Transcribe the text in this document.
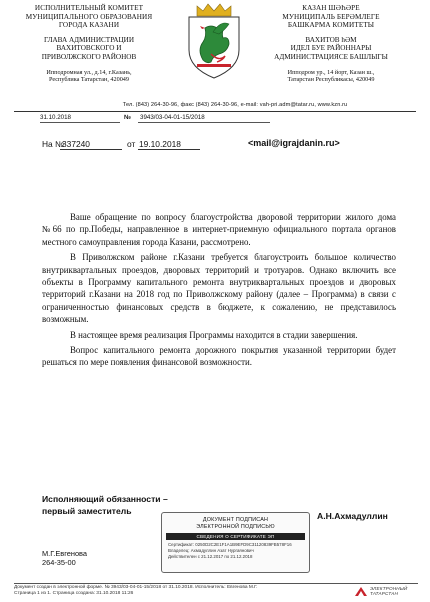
ИСПОЛНИТЕЛЬНЫЙ КОМИТЕТ
МУНИЦИПАЛЬНОГО ОБРАЗОВАНИЯ
ГОРОДА КАЗАНИ
ГЛАВА АДМИНИСТРАЦИИ
ВАХИТОВСКОГО И
ПРИВОЛЖСКОГО РАЙОНОВ
Ипподромная ул., д.14, г.Казань,
Республика Татарстан, 420049
КАЗАН ШӘҺӘРЕ
МУНИЦИПАЛЬ БЕРӘМЛЕГЕ
БАШКАРМА КОМИТЕТЫ
ВАХИТОВ hӘМ
ИДЕЛ БУЕ РАЙОННАРЫ
АДМИНИСТРАЦИЯСЕ БАШЛЫГЫ
Ипподром ур., 14 йорт, Казан ш.,
Татарстан Республикасы, 420049
Тел. (843) 264-30-96, факс (843) 264-30-96, e-mail: vah-pri.adm@tatar.ru, www.kzn.ru
31.10.2018	№ 3943/03-04-01-15/2018
На №
337240	от 19.10.2018	<mail@igrajdanin.ru>

Ваше обращение по вопросу благоустройства дворовой территории жилого дома №66 по пр.Победы, направленное в интернет-приемную официального портала органов местного самоуправления города Казани, рассмотрено.

В Приволжском районе г.Казани требуется благоустроить большое количество внутриквартальных проездов, дворовых территорий и тротуаров. Однако включить все объекты в Программу капитального ремонта внутриквартальных проездов и дворовых территорий г.Казани на 2018 год по Приволжскому району (далее – Программа) в связи с ограниченностью финансовых средств в бюджете, к сожалению, не представилось возможным.

В настоящее время реализация Программы находится в стадии завершения.

Вопрос капитального ремонта дорожного покрытия указанной территории будет решаться по мере появления финансовой возможности.

Исполняющий обязанности –
первый заместитель
А.Н.Ахмадуллин
ДОКУМЕНТ ПОДПИСАН
ЭЛЕКТРОННОЙ ПОДПИСЬЮ
СВЕДЕНИЯ О СЕРТИФИКАТЕ ЭП
Сертификат: 0250D2C2E1F1A1B9EFD9C31120839FB578F16
Владелец: Ахмадуллин Азат Нургаянович
Действителен с 21.12.2017 по 21.12.2018
М.Г.Евгенова
264-35-00
Документ создан в электронной форме. № 3943/03-04-01-15/2018 от 31.10.2018. Исполнитель: Евгенова М.Г.
Страница 1 из 1. Страница создана: 31.10.2018 11:26
ЭЛЕКТРОННЫЙ
ТАТАРСТАН
